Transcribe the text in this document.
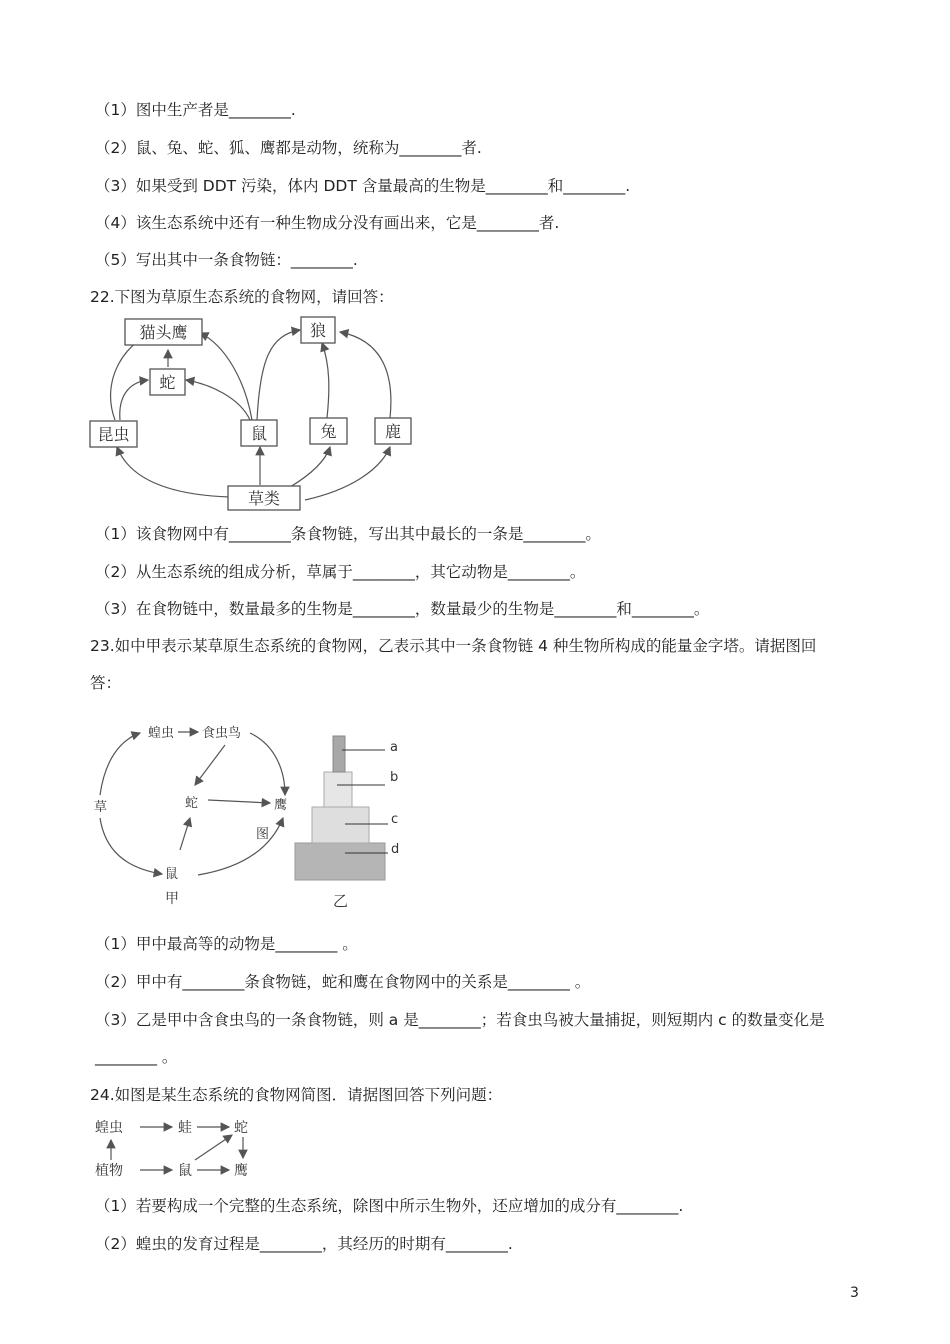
（1）图中生产者是________.
（2）鼠、兔、蛇、狐、鹰都是动物，统称为________者.
（3）如果受到 DDT 污染，体内 DDT 含量最高的生物是________和________.
（4）该生态系统中还有一种生物成分没有画出来，它是________者.
（5）写出其中一条食物链：________.
22.下图为草原生态系统的食物网，请回答：
猫头鹰	狼
蛇
昆虫	鼠	兔	鹿
草类
（1）该食物网中有________条食物链，写出其中最长的一条是________。
（2）从生态系统的组成分析，草属于________，其它动物是________。
（3）在食物链中，数量最多的生物是________，数量最少的生物是________和________。
23.如中甲表示某草原生态系统的食物网，乙表示其中一条食物链 4 种生物所构成的能量金字塔。请据图回
答：
蝗虫 食虫鸟
蛇	鹰
草
图
鼠
甲
a
b
c
d
乙
（1）甲中最高等的动物是________ 。
（2）甲中有________条食物链，蛇和鹰在食物网中的关系是________ 。
（3）乙是甲中含食虫鸟的一条食物链，则 a 是________；若食虫鸟被大量捕捉，则短期内 c 的数量变化是
________ 。
24.如图是某生态系统的食物网简图．请据图回答下列问题：
蝗虫	蛙	蛇
植物	鼠	鹰
（1）若要构成一个完整的生态系统，除图中所示生物外，还应增加的成分有________.
（2）蝗虫的发育过程是________，其经历的时期有________.
3
